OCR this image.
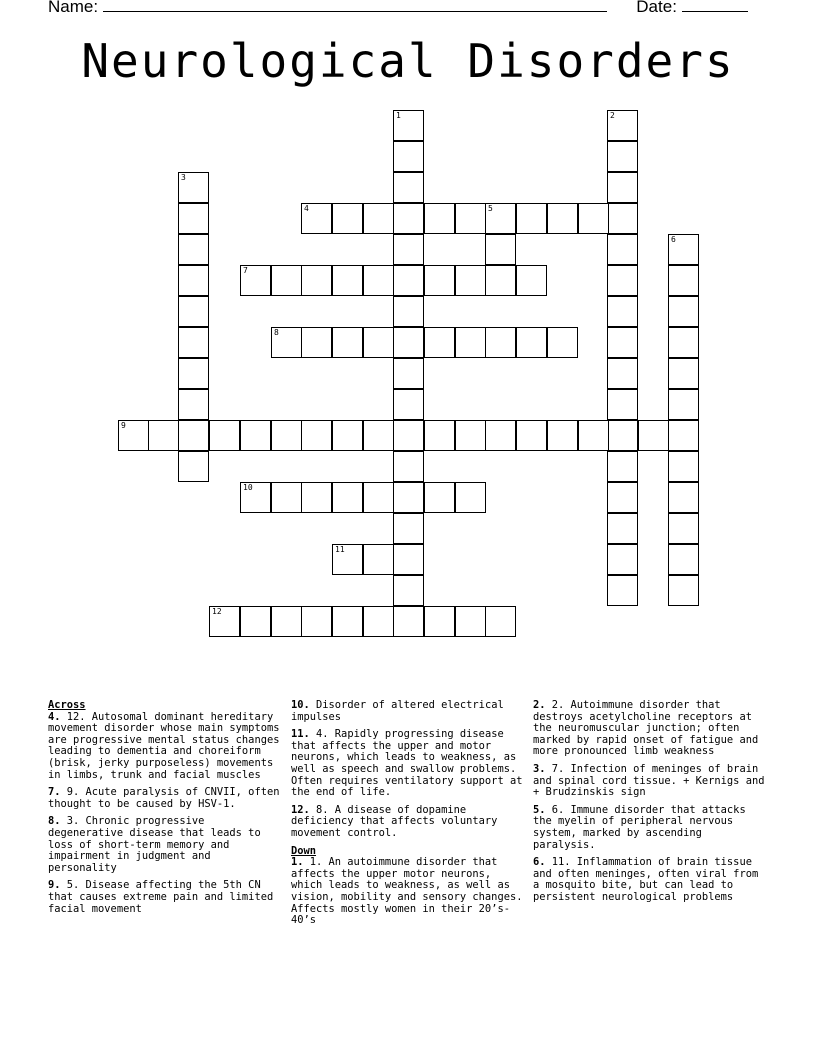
Name:	Date:
Neurological Disorders
1	2
3
4	5
6
7
8
9
10
11
12
Across
4. 12. Autosomal dominant hereditary movement disorder whose main symptoms are progressive mental status changes leading to dementia and choreiform (brisk, jerky purposeless) movements in limbs, trunk and facial muscles
7. 9. Acute paralysis of CNVII, often thought to be caused by HSV-1.
8. 3. Chronic progressive degenerative disease that leads to loss of short-term memory and impairment in judgment and personality
9. 5. Disease affecting the 5th CN that causes extreme pain and limited facial movement
10. Disorder of altered electrical impulses
11. 4. Rapidly progressing disease that affects the upper and motor neurons, which leads to weakness, as well as speech and swallow problems. Often requires ventilatory support at the end of life.
12. 8. A disease of dopamine deficiency that affects voluntary movement control.
Down
1. 1. An autoimmune disorder that affects the upper motor neurons, which leads to weakness, as well as vision, mobility and sensory changes. Affects mostly women in their 20’s-40’s
2. 2. Autoimmune disorder that destroys acetylcholine receptors at the neuromuscular junction; often marked by rapid onset of fatigue and more pronounced limb weakness
3. 7. Infection of meninges of brain and spinal cord tissue. + Kernigs and + Brudzinskis sign
5. 6. Immune disorder that attacks the myelin of peripheral nervous system, marked by ascending paralysis.
6. 11. Inflammation of brain tissue and often meninges, often viral from a mosquito bite, but can lead to persistent neurological problems
